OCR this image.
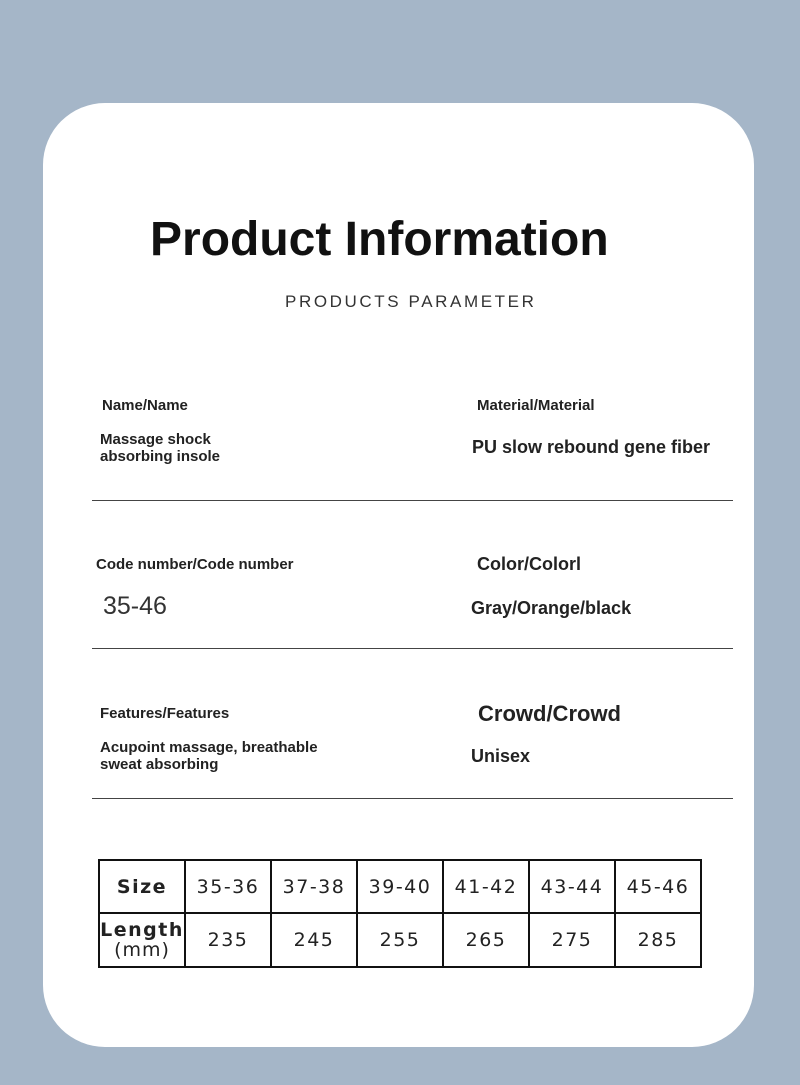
Product Information
PRODUCTS PARAMETER
Name/Name
Massage shock
absorbing insole
Material/Material
PU slow rebound gene fiber
Code number/Code number
35-46
Color/Colorl
Gray/Orange/black
Features/Features
Acupoint massage, breathable
sweat absorbing
Crowd/Crowd
Unisex
Size	35-36	37-38	39-40	41-42	43-44	45-46

Length
(mm)	235	245	255	265	275	285
